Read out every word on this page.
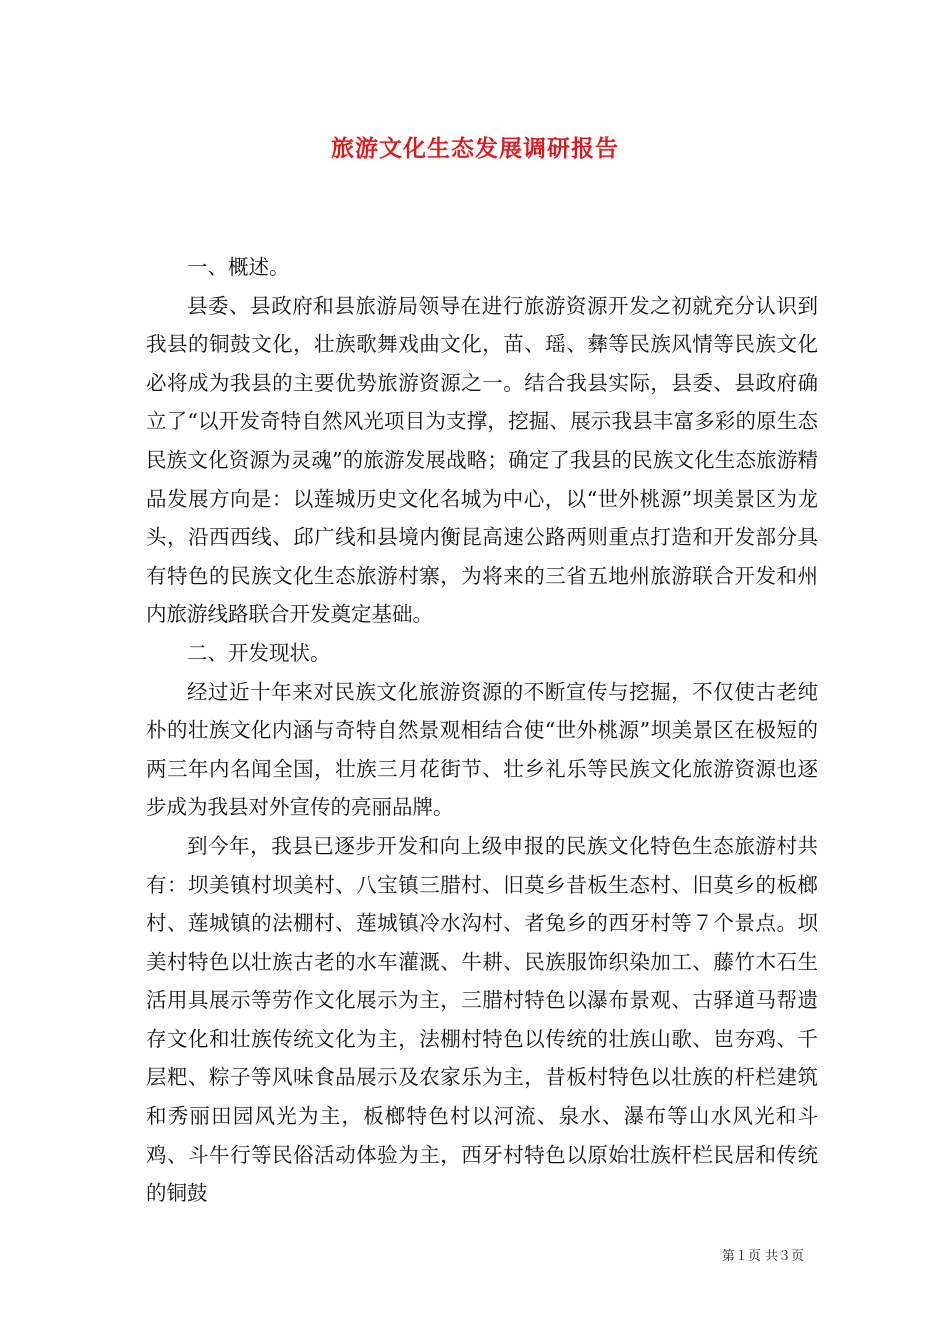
旅游文化生态发展调研报告

一、概述。

县委、县政府和县旅游局领导在进行旅游资源开发之初就充分认识到我县的铜鼓文化，壮族歌舞戏曲文化，苗、瑶、彝等民族风情等民族文化必将成为我县的主要优势旅游资源之一。结合我县实际，县委、县政府确立了“以开发奇特自然风光项目为支撑，挖掘、展示我县丰富多彩的原生态民族文化资源为灵魂”的旅游发展战略；确定了我县的民族文化生态旅游精品发展方向是：以莲城历史文化名城为中心，以“世外桃源”坝美景区为龙头，沿西西线、邱广线和县境内衡昆高速公路两则重点打造和开发部分具有特色的民族文化生态旅游村寨，为将来的三省五地州旅游联合开发和州内旅游线路联合开发奠定基础。

二、开发现状。

经过近十年来对民族文化旅游资源的不断宣传与挖掘，不仅使古老纯朴的壮族文化内涵与奇特自然景观相结合使“世外桃源”坝美景区在极短的两三年内名闻全国，壮族三月花街节、壮乡礼乐等民族文化旅游资源也逐步成为我县对外宣传的亮丽品牌。

到今年，我县已逐步开发和向上级申报的民族文化特色生态旅游村共有：坝美镇村坝美村、八宝镇三腊村、旧莫乡昔板生态村、旧莫乡的板榔村、莲城镇的法棚村、莲城镇冷水沟村、者兔乡的西牙村等７个景点。坝美村特色以壮族古老的水车灌溉、牛耕、民族服饰织染加工、藤竹木石生活用具展示等劳作文化展示为主，三腊村特色以瀑布景观、古驿道马帮遗存文化和壮族传统文化为主，法棚村特色以传统的壮族山歌、岜夯鸡、千层粑、粽子等风味食品展示及农家乐为主，昔板村特色以壮族的杆栏建筑和秀丽田园风光为主，板榔特色村以河流、泉水、瀑布等山水风光和斗鸡、斗牛行等民俗活动体验为主，西牙村特色以原始壮族杆栏民居和传统的铜鼓

第１页 共３页
